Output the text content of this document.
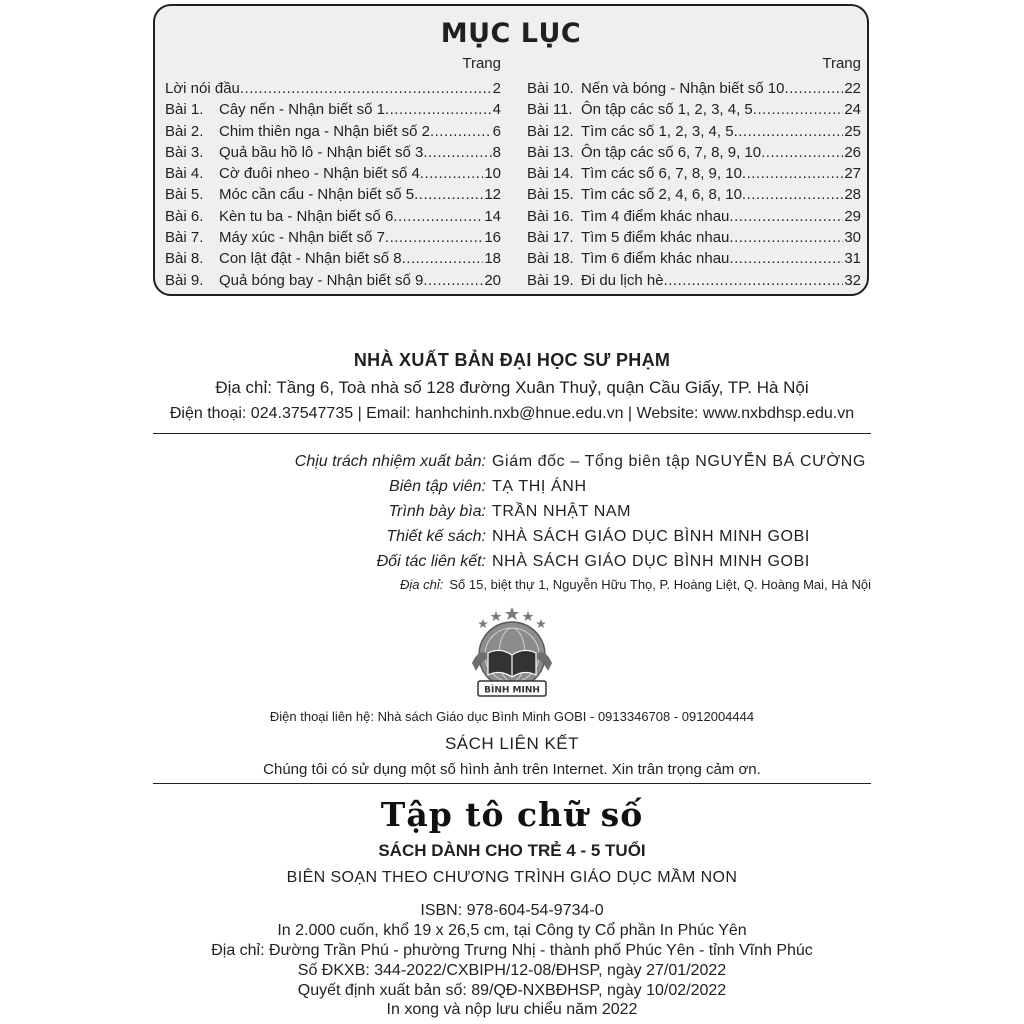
MỤC LỤC
Trang
Lời nói đầu .....	2
Bài 1.	Cây nến - Nhận biết số 1 .....	4
Bài 2.	Chim thiên nga - Nhận biết số 2 .....	6
Bài 3.	Quả bầu hồ lô - Nhận biết số 3 .....	8
Bài 4.	Cờ đuôi nheo - Nhận biết số 4 .....	10
Bài 5.	Móc cần cẩu - Nhận biết số 5 .....	12
Bài 6.	Kèn tu ba - Nhận biết số 6 .....	14
Bài 7.	Máy xúc - Nhận biết số 7 .....	16
Bài 8.	Con lật đật - Nhận biết số 8 .....	18
Bài 9.	Quả bóng bay - Nhận biết số 9 .....	20
Trang
Bài 10. Nến và bóng - Nhận biết số 10 .....	22
Bài 11. Ôn tập các số 1, 2, 3, 4, 5 .....	24
Bài 12. Tìm các số 1, 2, 3, 4, 5 .....	25
Bài 13. Ôn tập các số 6, 7, 8, 9, 10 .....	26
Bài 14. Tìm các số 6, 7, 8, 9, 10 .....	27
Bài 15. Tìm các số 2, 4, 6, 8, 10 .....	28
Bài 16. Tìm 4 điểm khác nhau .....	29
Bài 17. Tìm 5 điểm khác nhau .....	30
Bài 18. Tìm 6 điểm khác nhau .....	31
Bài 19. Đi du lịch hè .....	32
NHÀ XUẤT BẢN ĐẠI HỌC SƯ PHẠM
Địa chỉ: Tầng 6, Toà nhà số 128 đường Xuân Thuỷ, quận Cầu Giấy, TP. Hà Nội
Điện thoại: 024.37547735 | Email: hanhchinh.nxb@hnue.edu.vn | Website: www.nxbdhsp.edu.vn
Chịu trách nhiệm xuất bản: Giám đốc – Tổng biên tập NGUYỄN BÁ CƯỜNG
Biên tập viên: TẠ THỊ ÁNH
Trình bày bìa: TRẦN NHẬT NAM
Thiết kế sách: NHÀ SÁCH GIÁO DỤC BÌNH MINH GOBI
Đối tác liên kết: NHÀ SÁCH GIÁO DỤC BÌNH MINH GOBI
Địa chỉ: Số 15, biệt thự 1, Nguyễn Hữu Thọ, P. Hoàng Liệt, Q. Hoàng Mai, Hà Nội
BÌNH MINH
Điện thoại liên hệ: Nhà sách Giáo dục Bình Minh GOBI - 0913346708 - 0912004444
SÁCH LIÊN KẾT
Chúng tôi có sử dụng một số hình ảnh trên Internet. Xin trân trọng cảm ơn.
Tập tô chữ số
SÁCH DÀNH CHO TRẺ 4 - 5 TUỔI
BIÊN SOẠN THEO CHƯƠNG TRÌNH GIÁO DỤC MẦM NON
ISBN: 978-604-54-9734-0
In 2.000 cuốn, khổ 19 x 26,5 cm, tại Công ty Cổ phần In Phúc Yên
Địa chỉ: Đường Trần Phú - phường Trưng Nhị - thành phố Phúc Yên - tỉnh Vĩnh Phúc
Số ĐKXB: 344-2022/CXBIPH/12-08/ĐHSP, ngày 27/01/2022
Quyết định xuất bản số: 89/QĐ-NXBĐHSP, ngày 10/02/2022
In xong và nộp lưu chiểu năm 2022
